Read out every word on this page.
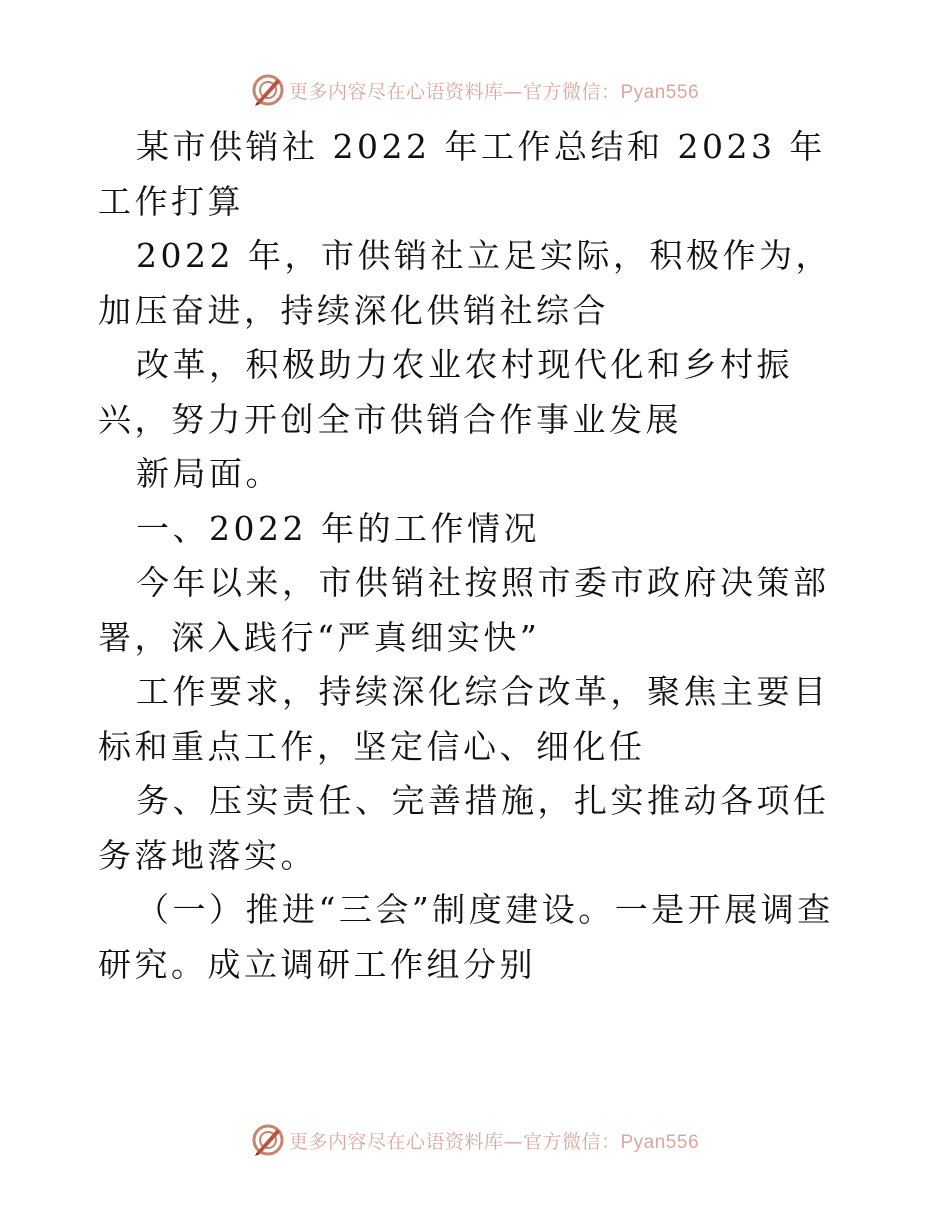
更多内容尽在心语资料库—官方微信：Pyan556

某市供销社 2022 年工作总结和 2023 年工作打算

2022 年，市供销社立足实际，积极作为，加压奋进，持续深化供销社综合

改革，积极助力农业农村现代化和乡村振兴，努力开创全市供销合作事业发展

新局面。

一、2022 年的工作情况

今年以来，市供销社按照市委市政府决策部署，深入践行“严真细实快”

工作要求，持续深化综合改革，聚焦主要目标和重点工作，坚定信心、细化任

务、压实责任、完善措施，扎实推动各项任务落地落实。

（一）推进“三会”制度建设。一是开展调查研究。成立调研工作组分别

更多内容尽在心语资料库—官方微信：Pyan556
